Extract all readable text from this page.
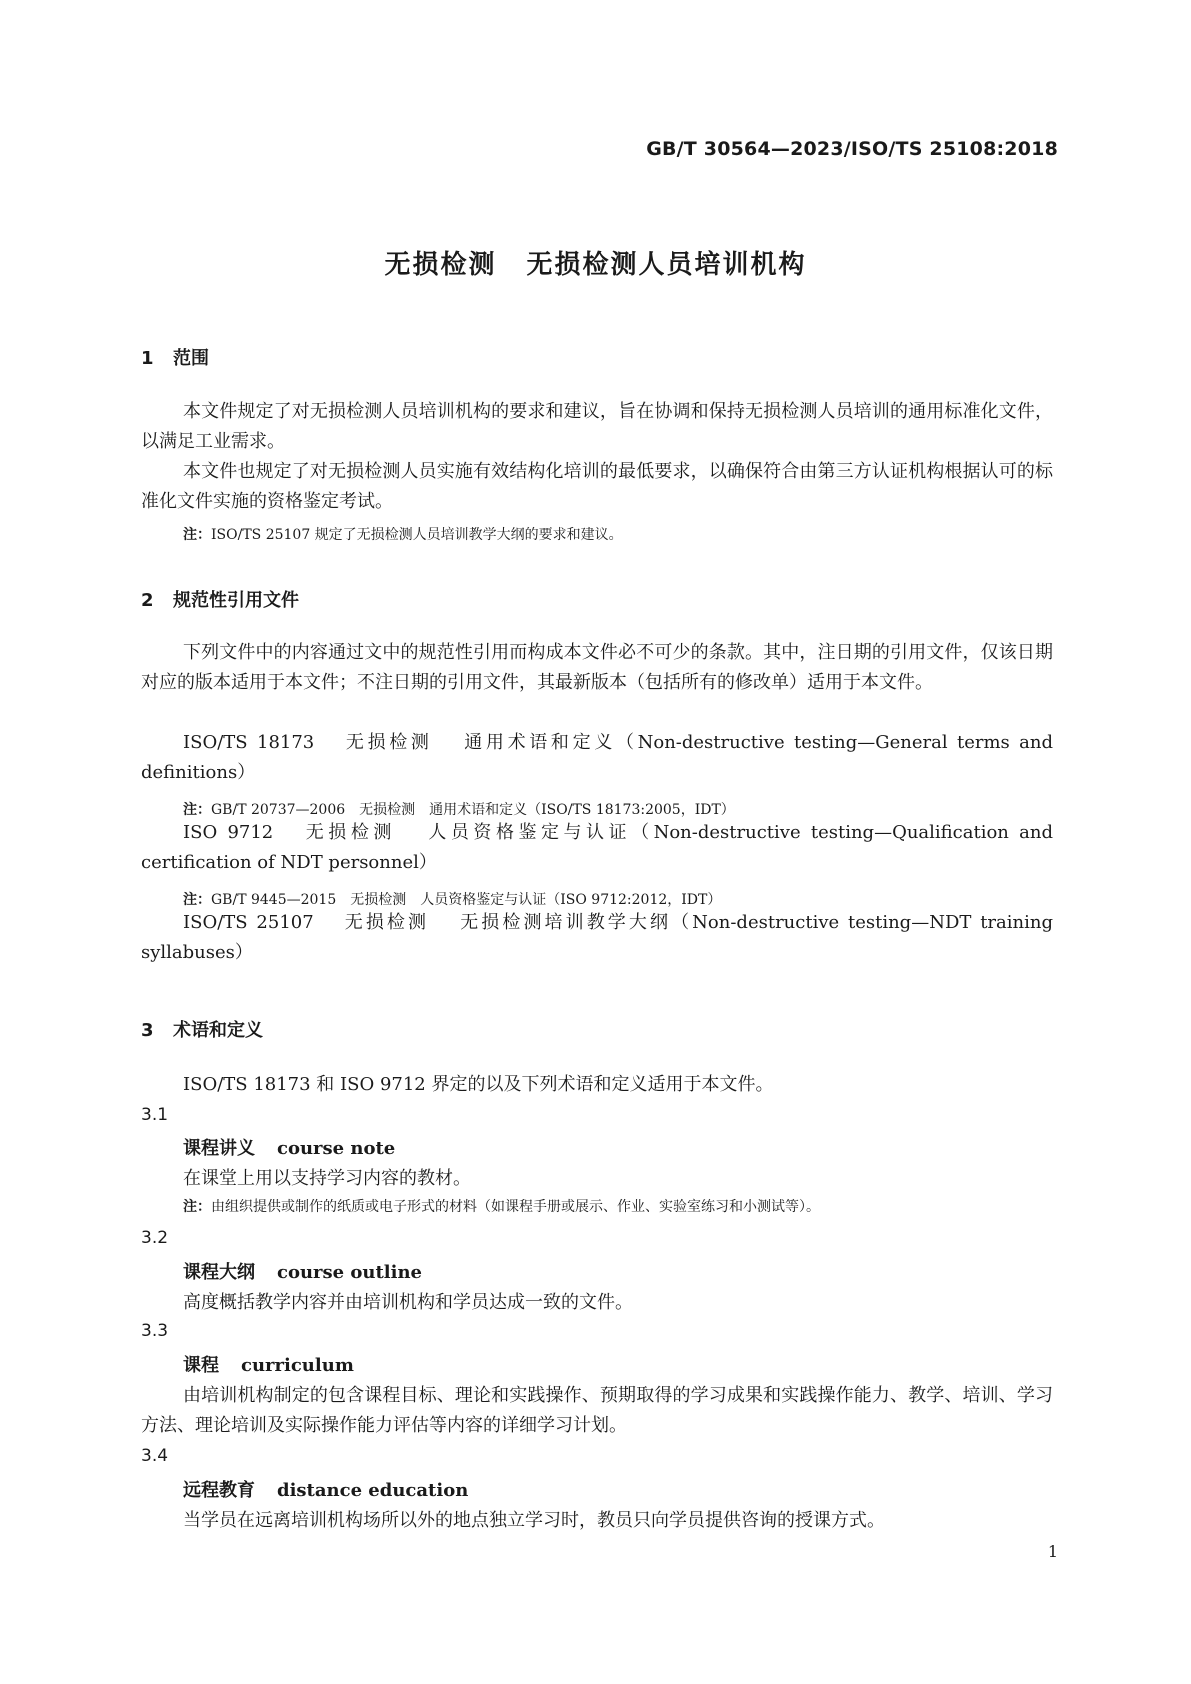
GB/T 30564—2023/ISO/TS 25108:2018
无损检测 无损检测人员培训机构
1 范围
本文件规定了对无损检测人员培训机构的要求和建议，旨在协调和保持无损检测人员培训的通用标准化文件，以满足工业需求。
本文件也规定了对无损检测人员实施有效结构化培训的最低要求，以确保符合由第三方认证机构根据认可的标准化文件实施的资格鉴定考试。
注：ISO/TS 25107 规定了无损检测人员培训教学大纲的要求和建议。
2 规范性引用文件
下列文件中的内容通过文中的规范性引用而构成本文件必不可少的条款。其中，注日期的引用文件，仅该日期对应的版本适用于本文件；不注日期的引用文件，其最新版本（包括所有的修改单）适用于本文件。
ISO/TS 18173 无损检测 通用术语和定义（Non-destructive testing—General terms and definitions）
注：GB/T 20737—2006　无损检测　通用术语和定义（ISO/TS 18173:2005，IDT）
ISO 9712 无损检测 人员资格鉴定与认证（Non-destructive testing—Qualification and certification of NDT personnel）
注：GB/T 9445—2015　无损检测　人员资格鉴定与认证（ISO 9712:2012，IDT）
ISO/TS 25107 无损检测 无损检测培训教学大纲（Non-destructive testing—NDT training syllabuses）
3 术语和定义
ISO/TS 18173 和 ISO 9712 界定的以及下列术语和定义适用于本文件。
3.1
课程讲义 course note
在课堂上用以支持学习内容的教材。
注：由组织提供或制作的纸质或电子形式的材料（如课程手册或展示、作业、实验室练习和小测试等）。
3.2
课程大纲 course outline
高度概括教学内容并由培训机构和学员达成一致的文件。
3.3
课程 curriculum
由培训机构制定的包含课程目标、理论和实践操作、预期取得的学习成果和实践操作能力、教学、培训、学习方法、理论培训及实际操作能力评估等内容的详细学习计划。
3.4
远程教育 distance education
当学员在远离培训机构场所以外的地点独立学习时，教员只向学员提供咨询的授课方式。
1
